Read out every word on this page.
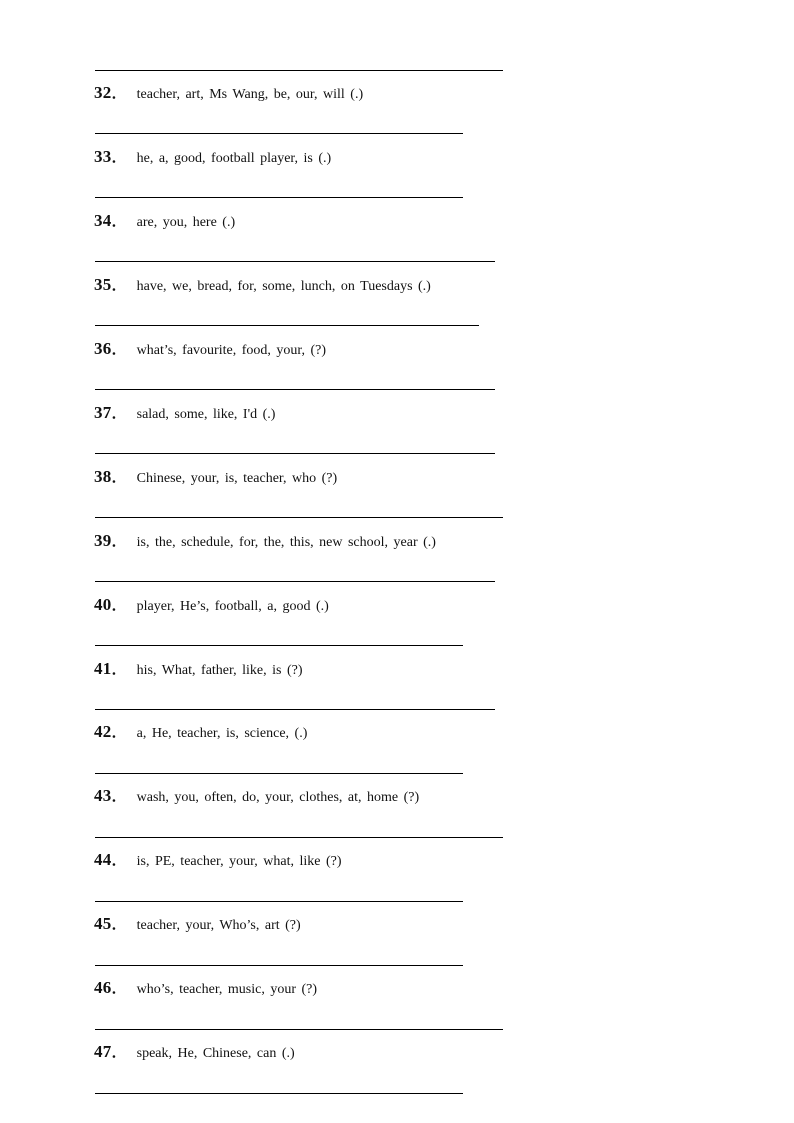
32 ． teacher, art, Ms Wang, be, our, will (.)
33 ． he, a, good, football player, is (.)
34 ． are, you, here (.)
35 ． have, we, bread, for, some, lunch, on Tuesdays (.)
36 ． what’s, favourite, food, your, (?)
37 ． salad, some, like, I'd (.)
38 ． Chinese, your, is, teacher, who (?)
39 ． is, the, schedule, for, the, this, new school, year (.)
40 ． player, He’s, football, a, good (.)
41 ． his, What, father, like, is (?)
42 ． a, He, teacher, is, science, (.)
43 ． wash, you, often, do, your, clothes, at, home (?)
44 ． is, PE, teacher, your, what, like (?)
45 ． teacher, your, Who’s, art (?)
46 ． who’s, teacher, music, your (?)
47 ． speak, He, Chinese, can (.)
